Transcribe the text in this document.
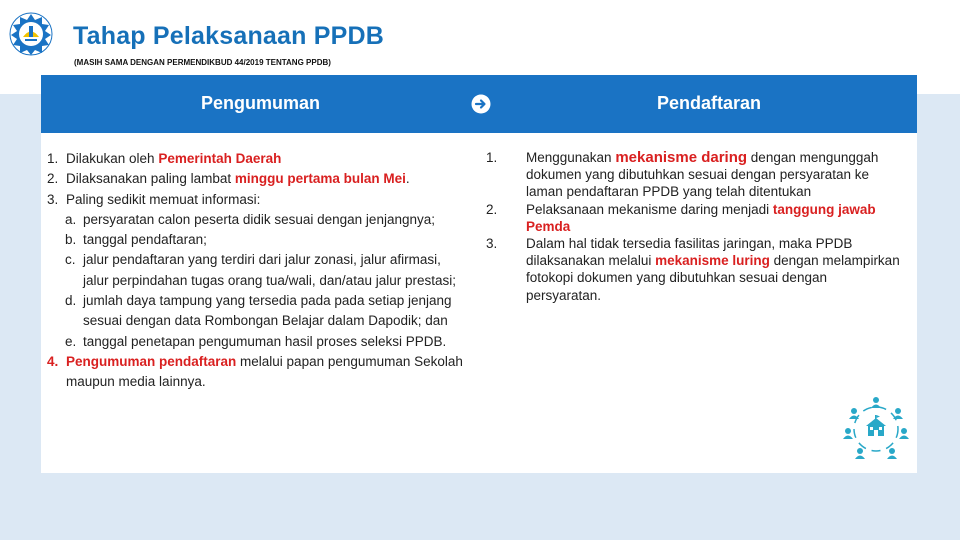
Tahap Pelaksanaan PPDB
(MASIH SAMA DENGAN PERMENDIKBUD 44/2019 TENTANG PPDB)
Pengumuman	Pendaftaran
1. Dilakukan oleh Pemerintah Daerah
2. Dilaksanakan paling lambat minggu pertama bulan Mei.
3. Paling sedikit memuat informasi:
a. persyaratan calon peserta didik sesuai dengan jenjangnya;
b. tanggal pendaftaran;
c. jalur pendaftaran yang terdiri dari jalur zonasi, jalur afirmasi, jalur perpindahan tugas orang tua/wali, dan/atau jalur prestasi;
d. jumlah daya tampung yang tersedia pada pada setiap jenjang sesuai dengan data Rombongan Belajar dalam Dapodik; dan
e. tanggal penetapan pengumuman hasil proses seleksi PPDB.
4. Pengumuman pendaftaran melalui papan pengumuman Sekolah maupun media lainnya.
1. Menggunakan mekanisme daring dengan mengunggah dokumen yang dibutuhkan sesuai dengan persyaratan ke laman pendaftaran PPDB yang telah ditentukan
2. Pelaksanaan mekanisme daring menjadi tanggung jawab Pemda
3. Dalam hal tidak tersedia fasilitas jaringan, maka PPDB dilaksanakan melalui mekanisme luring dengan melampirkan fotokopi dokumen yang dibutuhkan sesuai dengan persyaratan.
